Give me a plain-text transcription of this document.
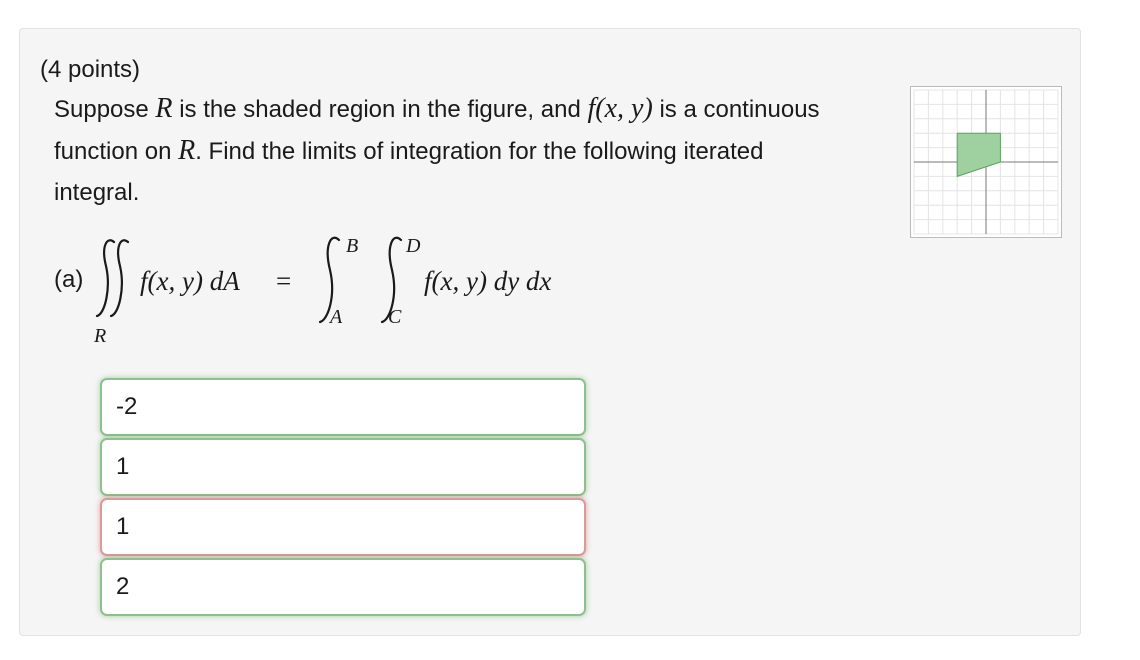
(4 points)
Suppose R is the shaded region in the figure, and f(x, y) is a continuous function on R. Find the limits of integration for the following iterated integral.
(a)
R
f(x, y) dA =
B
A
D
C
f(x, y) dy dx
-2
1
1
2
